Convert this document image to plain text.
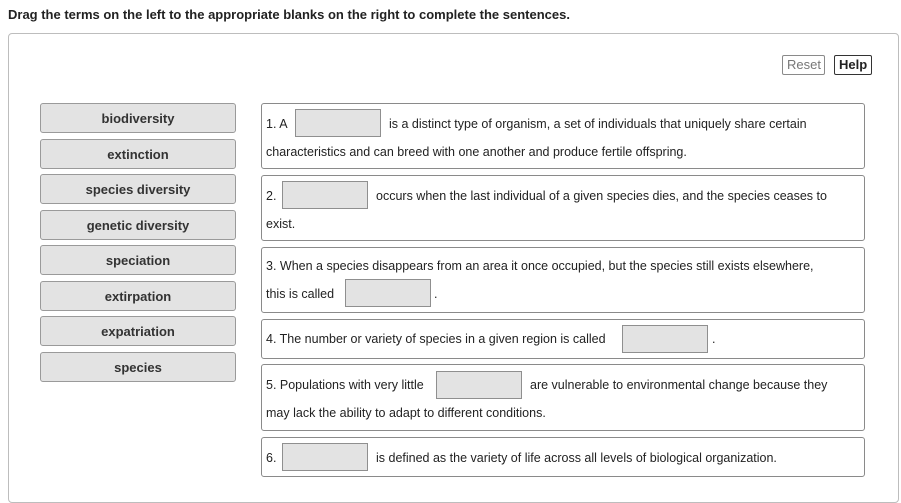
Drag the terms on the left to the appropriate blanks on the right to complete the sentences.
Reset	Help
biodiversity
extinction
species diversity
genetic diversity
speciation
extirpation
expatriation
species
1. A	is a distinct type of organism, a set of individuals that uniquely share certain
characteristics and can breed with one another and produce fertile offspring.
2.	occurs when the last individual of a given species dies, and the species ceases to
exist.
3. When a species disappears from an area it once occupied, but the species still exists elsewhere,
this is called	.
4. The number or variety of species in a given region is called	.
5. Populations with very little	are vulnerable to environmental change because they
may lack the ability to adapt to different conditions.
6.	is defined as the variety of life across all levels of biological organization.
